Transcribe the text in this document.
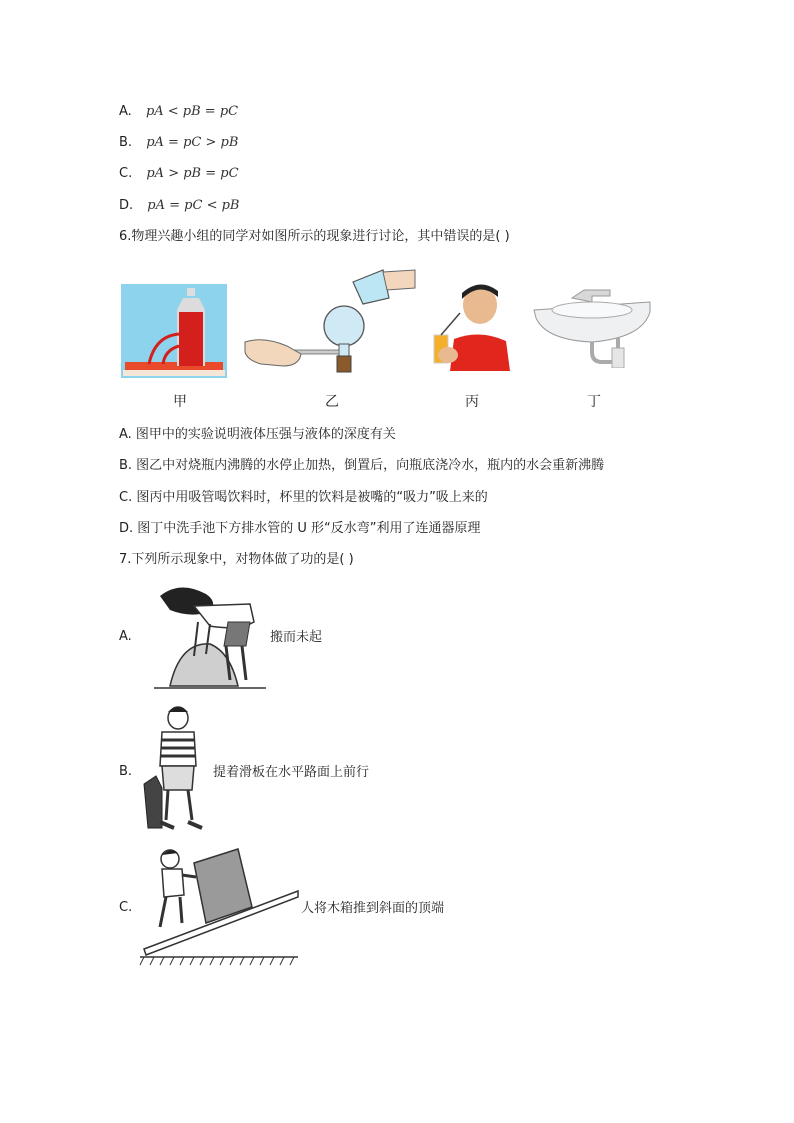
A. pA < pB = pC
B. pA = pC > pB
C. pA > pB = pC
D. pA = pC < pB
6.物理兴趣小组的同学对如图所示的现象进行讨论，其中错误的是( )
甲	乙	丙	丁
A. 图甲中的实验说明液体压强与液体的深度有关
B. 图乙中对烧瓶内沸腾的水停止加热，倒置后，向瓶底浇冷水，瓶内的水会重新沸腾
C. 图丙中用吸管喝饮料时，杯里的饮料是被嘴的“吸力”吸上来的
D. 图丁中洗手池下方排水管的 U 形“反水弯”利用了连通器原理
7.下列所示现象中，对物体做了功的是( )
A.	搬而未起
B.	提着滑板在水平路面上前行
C.	人将木箱推到斜面的顶端
